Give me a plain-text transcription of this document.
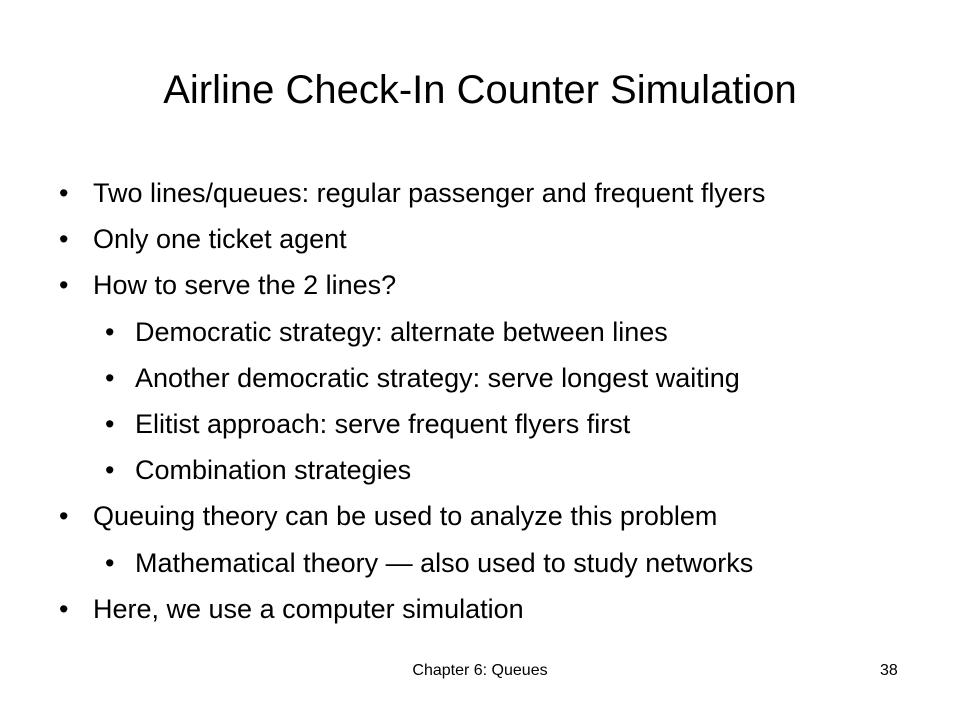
Airline Check-In Counter Simulation
• Two lines/queues: regular passenger and frequent flyers
• Only one ticket agent
• How to serve the 2 lines?
• Democratic strategy: alternate between lines
• Another democratic strategy: serve longest waiting
• Elitist approach: serve frequent flyers first
• Combination strategies
• Queuing theory can be used to analyze this problem
• Mathematical theory — also used to study networks
• Here, we use a computer simulation
Chapter 6: Queues	38
